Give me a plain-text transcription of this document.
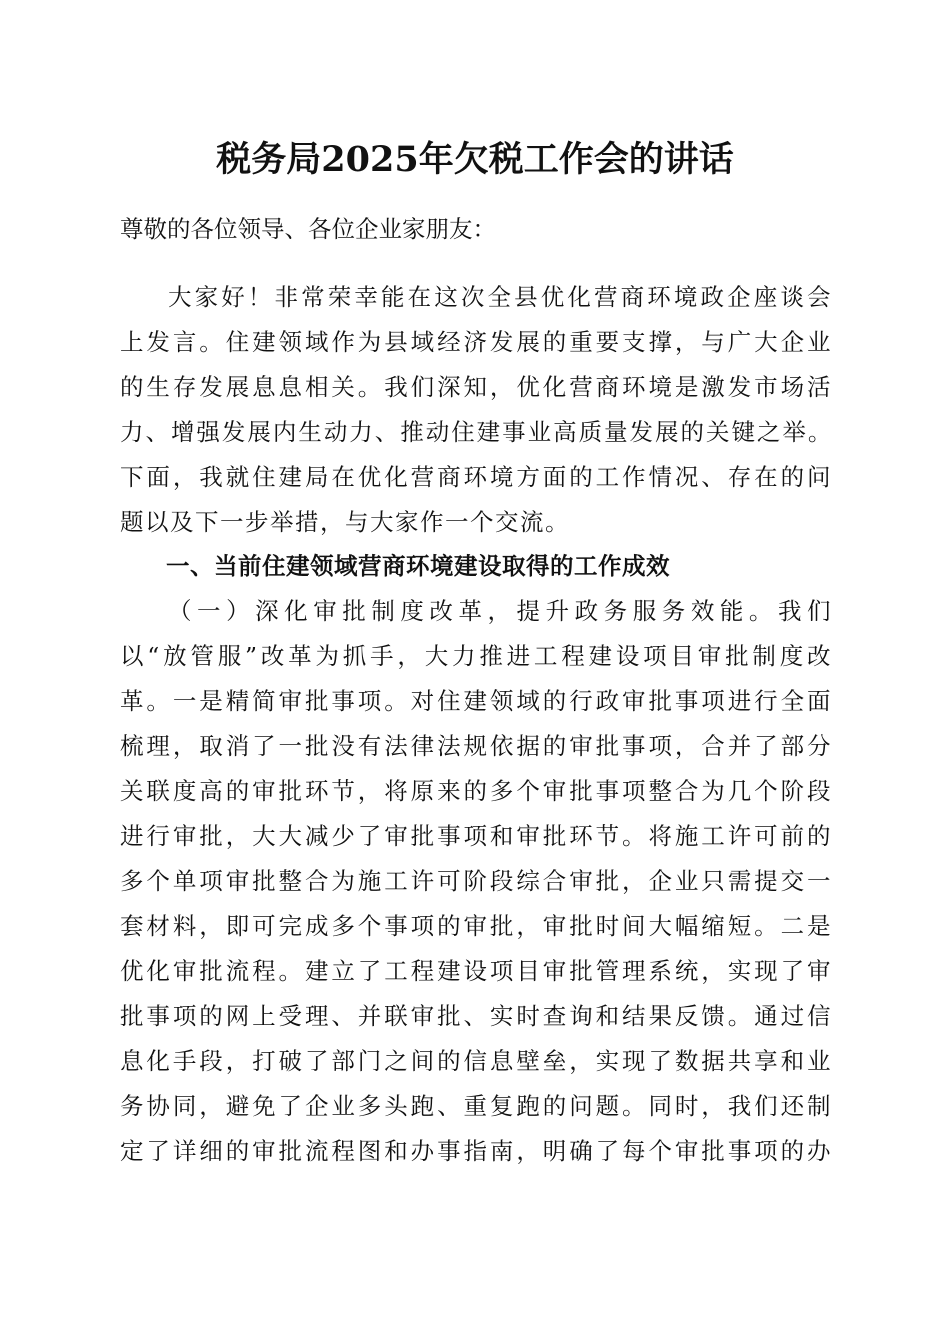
税务局2025年欠税工作会的讲话
尊敬的各位领导、各位企业家朋友：
大家好！非常荣幸能在这次全县优化营商环境政企座谈会
上发言。住建领域作为县域经济发展的重要支撑，与广大企业
的生存发展息息相关。我们深知，优化营商环境是激发市场活
力、增强发展内生动力、推动住建事业高质量发展的关键之举。
下面，我就住建局在优化营商环境方面的工作情况、存在的问
题以及下一步举措，与大家作一个交流。
一、当前住建领域营商环境建设取得的工作成效
（一）深化审批制度改革，提升政务服务效能。我们
以“放管服”改革为抓手，大力推进工程建设项目审批制度改
革。一是精简审批事项。对住建领域的行政审批事项进行全面
梳理，取消了一批没有法律法规依据的审批事项，合并了部分
关联度高的审批环节，将原来的多个审批事项整合为几个阶段
进行审批，大大减少了审批事项和审批环节。将施工许可前的
多个单项审批整合为施工许可阶段综合审批，企业只需提交一
套材料，即可完成多个事项的审批，审批时间大幅缩短。二是
优化审批流程。建立了工程建设项目审批管理系统，实现了审
批事项的网上受理、并联审批、实时查询和结果反馈。通过信
息化手段，打破了部门之间的信息壁垒，实现了数据共享和业
务协同，避免了企业多头跑、重复跑的问题。同时，我们还制
定了详细的审批流程图和办事指南，明确了每个审批事项的办
